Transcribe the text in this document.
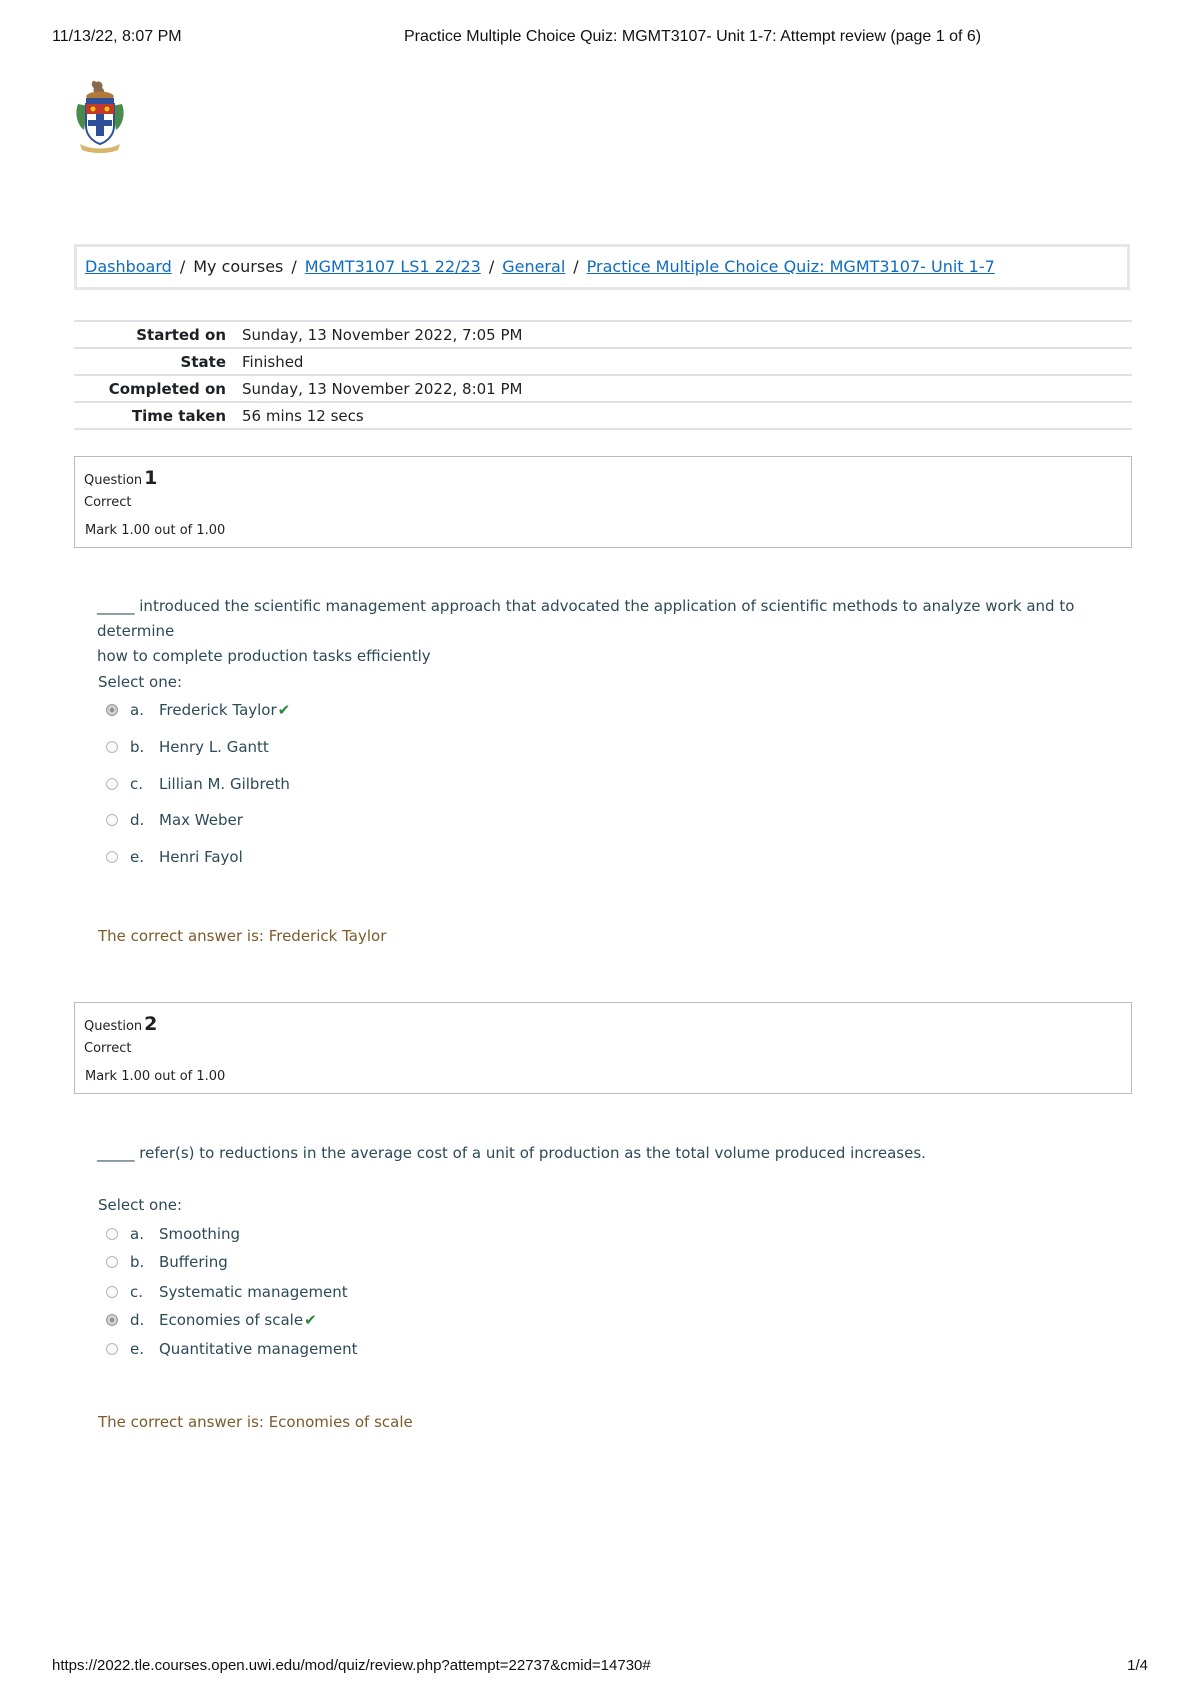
11/13/22, 8:07 PM	Practice Multiple Choice Quiz: MGMT3107- Unit 1-7: Attempt review (page 1 of 6)
Dashboard / My courses / MGMT3107 LS1 22/23 / General / Practice Multiple Choice Quiz: MGMT3107- Unit 1-7
Started on	Sunday, 13 November 2022, 7:05 PM
State	Finished
Completed on	Sunday, 13 November 2022, 8:01 PM
Time taken	56 mins 12 secs
Question 1
Correct
Mark 1.00 out of 1.00
_____ introduced the scientific management approach that advocated the application of scientific methods to analyze work and to determine
how to complete production tasks efficiently
Select one:
a. Frederick Taylor✔
b. Henry L. Gantt
c. Lillian M. Gilbreth
d. Max Weber
e. Henri Fayol
The correct answer is: Frederick Taylor
Question 2
Correct
Mark 1.00 out of 1.00
_____ refer(s) to reductions in the average cost of a unit of production as the total volume produced increases.
Select one:
a. Smoothing
b. Buffering
c. Systematic management
d. Economies of scale✔
e. Quantitative management
The correct answer is: Economies of scale
https://2022.tle.courses.open.uwi.edu/mod/quiz/review.php?attempt=22737&cmid=14730#	1/4
